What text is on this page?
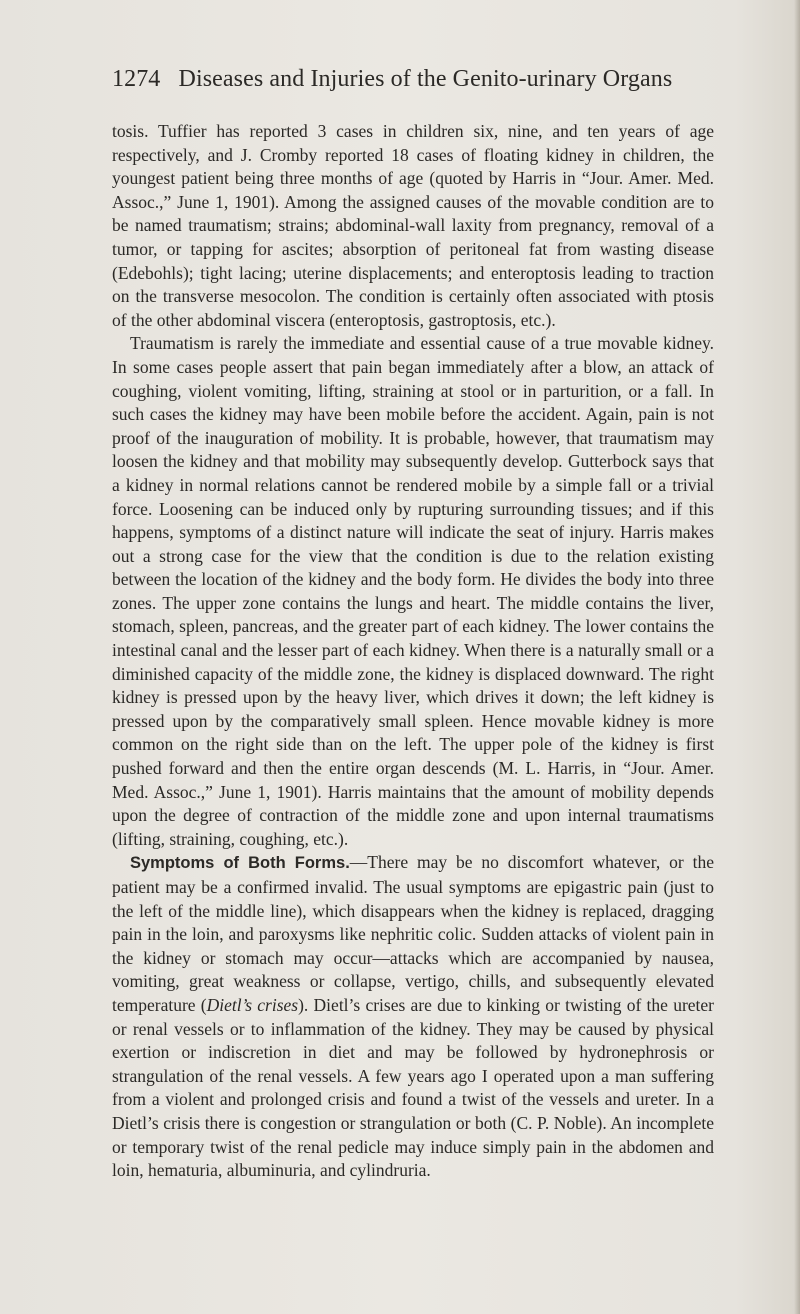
1274 Diseases and Injuries of the Genito-urinary Organs

tosis. Tuffier has reported 3 cases in children six, nine, and ten years of age respectively, and J. Cromby reported 18 cases of floating kidney in children, the youngest patient being three months of age (quoted by Harris in “Jour. Amer. Med. Assoc.,” June 1, 1901). Among the assigned causes of the movable condition are to be named traumatism; strains; abdominal-wall laxity from pregnancy, removal of a tumor, or tapping for ascites; absorption of peritoneal fat from wasting disease (Edebohls); tight lacing; uterine displacements; and enteroptosis leading to traction on the transverse mesocolon. The condition is certainly often associated with ptosis of the other abdominal viscera (enteroptosis, gastroptosis, etc.).

Traumatism is rarely the immediate and essential cause of a true movable kidney. In some cases people assert that pain began immediately after a blow, an attack of coughing, violent vomiting, lifting, straining at stool or in parturition, or a fall. In such cases the kidney may have been mobile before the accident. Again, pain is not proof of the inauguration of mobility. It is probable, however, that traumatism may loosen the kidney and that mobility may subsequently develop. Gutterbock says that a kidney in normal relations cannot be rendered mobile by a simple fall or a trivial force. Loosening can be induced only by rupturing surrounding tissues; and if this happens, symptoms of a distinct nature will indicate the seat of injury. Harris makes out a strong case for the view that the condition is due to the relation existing between the location of the kidney and the body form. He divides the body into three zones. The upper zone contains the lungs and heart. The middle contains the liver, stomach, spleen, pancreas, and the greater part of each kidney. The lower contains the intestinal canal and the lesser part of each kidney. When there is a naturally small or a diminished capacity of the middle zone, the kidney is displaced downward. The right kidney is pressed upon by the heavy liver, which drives it down; the left kidney is pressed upon by the comparatively small spleen. Hence movable kidney is more common on the right side than on the left. The upper pole of the kidney is first pushed forward and then the entire organ descends (M. L. Harris, in “Jour. Amer. Med. Assoc.,” June 1, 1901). Harris maintains that the amount of mobility depends upon the degree of contraction of the middle zone and upon internal traumatisms (lifting, straining, coughing, etc.).

Symptoms of Both Forms.—There may be no discomfort whatever, or the patient may be a confirmed invalid. The usual symptoms are epigastric pain (just to the left of the middle line), which disappears when the kidney is replaced, dragging pain in the loin, and paroxysms like nephritic colic. Sudden attacks of violent pain in the kidney or stomach may occur—attacks which are accompanied by nausea, vomiting, great weakness or collapse, vertigo, chills, and subsequently elevated temperature (Dietl’s crises). Dietl’s crises are due to kinking or twisting of the ureter or renal vessels or to inflammation of the kidney. They may be caused by physical exertion or indiscretion in diet and may be followed by hydronephrosis or strangulation of the renal vessels. A few years ago I operated upon a man suffering from a violent and prolonged crisis and found a twist of the vessels and ureter. In a Dietl’s crisis there is congestion or strangulation or both (C. P. Noble). An incomplete or temporary twist of the renal pedicle may induce simply pain in the abdomen and loin, hematuria, albuminuria, and cylindruria.
